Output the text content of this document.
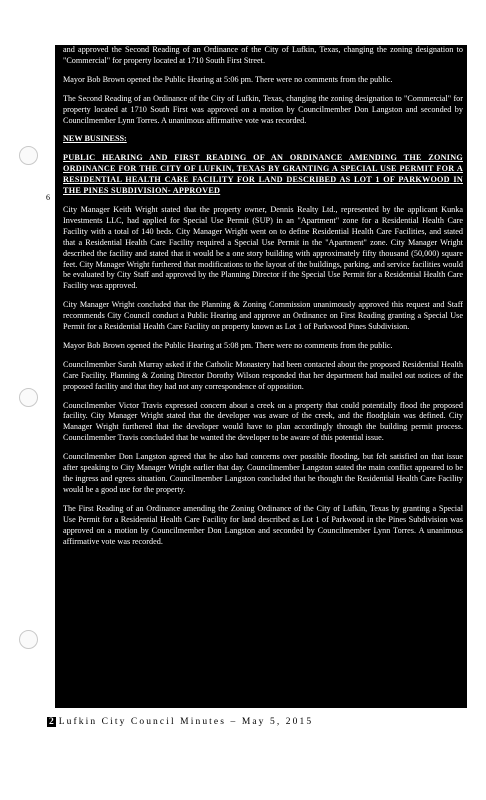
6

and approved the Second Reading of an Ordinance of the City of Lufkin, Texas, changing the zoning designation to "Commercial" for property located at 1710 South First Street.

Mayor Bob Brown opened the Public Hearing at 5:06 pm. There were no comments from the public.

The Second Reading of an Ordinance of the City of Lufkin, Texas, changing the zoning designation to "Commercial" for property located at 1710 South First was approved on a motion by Councilmember Don Langston and seconded by Councilmember Lynn Torres. A unanimous affirmative vote was recorded.

NEW BUSINESS:

PUBLIC HEARING AND FIRST READING OF AN ORDINANCE AMENDING THE ZONING ORDINANCE FOR THE CITY OF LUFKIN, TEXAS BY GRANTING A SPECIAL USE PERMIT FOR A RESIDENTIAL HEALTH CARE FACILITY FOR LAND DESCRIBED AS LOT 1 OF PARKWOOD IN THE PINES SUBDIVISION- APPROVED

City Manager Keith Wright stated that the property owner, Dennis Realty Ltd., represented by the applicant Kunka Investments LLC, had applied for Special Use Permit (SUP) in an "Apartment" zone for a Residential Health Care Facility with a total of 140 beds. City Manager Wright went on to define Residential Health Care Facilities, and stated that a Residential Health Care Facility required a Special Use Permit in the "Apartment" zone. City Manager Wright described the facility and stated that it would be a one story building with approximately fifty thousand (50,000) square feet. City Manager Wright furthered that modifications to the layout of the buildings, parking, and service facilities would be evaluated by City Staff and approved by the Planning Director if the Special Use Permit for a Residential Health Care Facility was approved.

City Manager Wright concluded that the Planning & Zoning Commission unanimously approved this request and Staff recommends City Council conduct a Public Hearing and approve an Ordinance on First Reading granting a Special Use Permit for a Residential Health Care Facility on property known as Lot 1 of Parkwood Pines Subdivision.

Mayor Bob Brown opened the Public Hearing at 5:08 pm. There were no comments from the public.

Councilmember Sarah Murray asked if the Catholic Monastery had been contacted about the proposed Residential Health Care Facility. Planning & Zoning Director Dorothy Wilson responded that her department had mailed out notices of the proposed facility and that they had not any correspondence of opposition.

Councilmember Victor Travis expressed concern about a creek on a property that could potentially flood the proposed facility. City Manager Wright stated that the developer was aware of the creek, and the floodplain was defined. City Manager Wright furthered that the developer would have to plan accordingly through the building permit process. Councilmember Travis concluded that he wanted the developer to be aware of this potential issue.

Councilmember Don Langston agreed that he also had concerns over possible flooding, but felt satisfied on that issue after speaking to City Manager Wright earlier that day. Councilmember Langston stated the main conflict appeared to be the ingress and egress situation. Councilmember Langston concluded that he thought the Residential Health Care Facility would be a good use for the property.

The First Reading of an Ordinance amending the Zoning Ordinance of the City of Lufkin, Texas by granting a Special Use Permit for a Residential Health Care Facility for land described as Lot 1 of Parkwood in the Pines Subdivision was approved on a motion by Councilmember Don Langston and seconded by Councilmember Lynn Torres. A unanimous affirmative vote was recorded.

2 Lufkin City Council Minutes – May 5, 2015
